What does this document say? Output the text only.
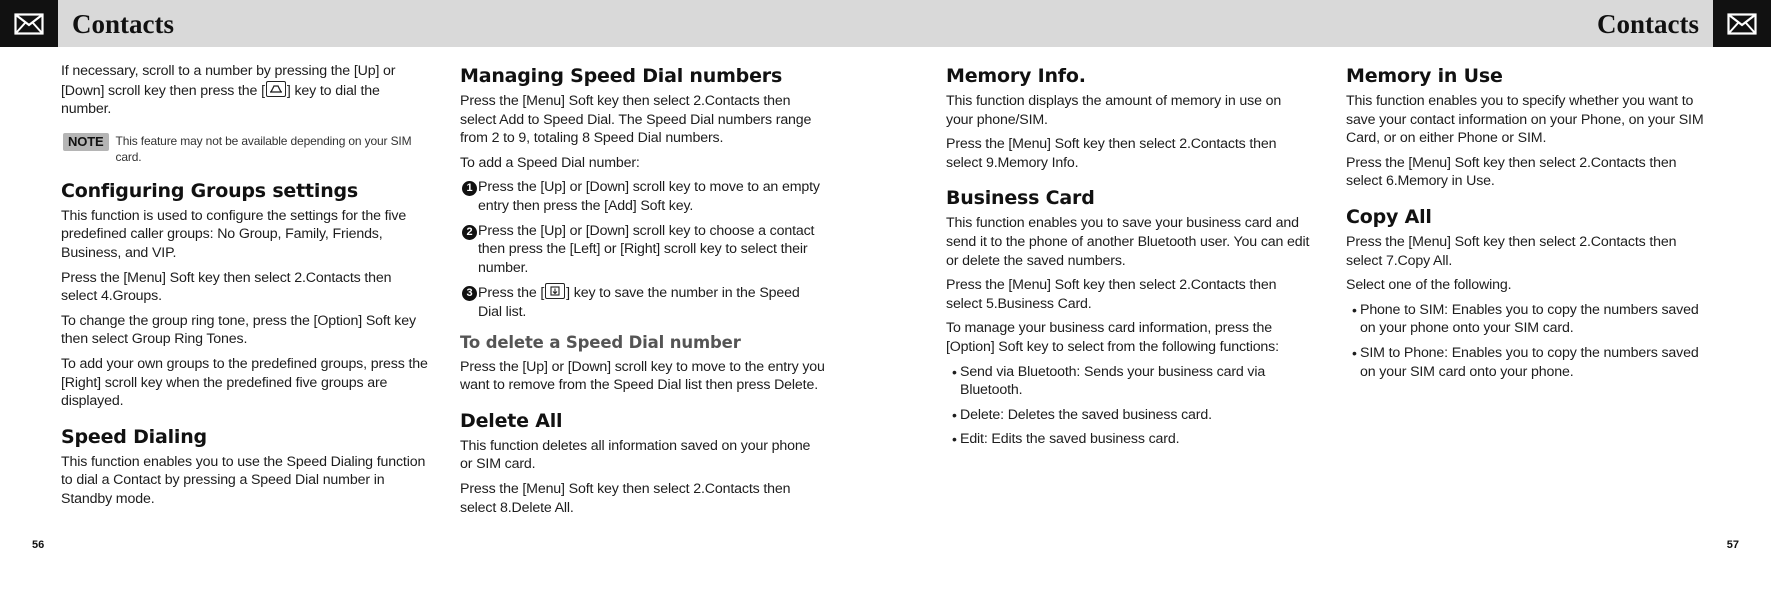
Contacts	Contacts

If necessary, scroll to a number by pressing the [Up] or [Down] scroll key then press the [ ] key to dial the number.

NOTE	This feature may not be available depending on your SIM card.
Configuring Groups settings

This function is used to configure the settings for the five predefined caller groups: No Group, Family, Friends, Business, and VIP.

Press the [Menu] Soft key then select 2.Contacts then select 4.Groups.

To change the group ring tone, press the [Option] Soft key then select Group Ring Tones.

To add your own groups to the predefined groups, press the [Right] scroll key when the predefined five groups are displayed.

Speed Dialing

This function enables you to use the Speed Dialing function to dial a Contact by pressing a Speed Dial number in Standby mode.

Managing Speed Dial numbers

Press the [Menu] Soft key then select 2.Contacts then select Add to Speed Dial. The Speed Dial numbers range from 2 to 9, totaling 8 Speed Dial numbers.

To add a Speed Dial number:

1 Press the [Up] or [Down] scroll key to move to an empty entry then press the [Add] Soft key.
2 Press the [Up] or [Down] scroll key to choose a contact then press the [Left] or [Right] scroll key to select their number.
3 Press the [ ] key to save the number in the Speed Dial list.
To delete a Speed Dial number

Press the [Up] or [Down] scroll key to move to the entry you want to remove from the Speed Dial list then press Delete.

Delete All

This function deletes all information saved on your phone or SIM card.

Press the [Menu] Soft key then select 2.Contacts then select 8.Delete All.

Memory Info.

This function displays the amount of memory in use on your phone/SIM.

Press the [Menu] Soft key then select 2.Contacts then select 9.Memory Info.

Business Card

This function enables you to save your business card and send it to the phone of another Bluetooth user. You can edit or delete the saved numbers.

Press the [Menu] Soft key then select 2.Contacts then select 5.Business Card.

To manage your business card information, press the [Option] Soft key to select from the following functions:

• Send via Bluetooth: Sends your business card via Bluetooth.
• Delete: Deletes the saved business card.
• Edit: Edits the saved business card.
Memory in Use

This function enables you to specify whether you want to save your contact information on your Phone, on your SIM Card, or on either Phone or SIM.

Press the [Menu] Soft key then select 2.Contacts then select 6.Memory in Use.

Copy All

Press the [Menu] Soft key then select 2.Contacts then select 7.Copy All.

Select one of the following.

• Phone to SIM: Enables you to copy the numbers saved on your phone onto your SIM card.
• SIM to Phone: Enables you to copy the numbers saved on your SIM card onto your phone.
56	57
